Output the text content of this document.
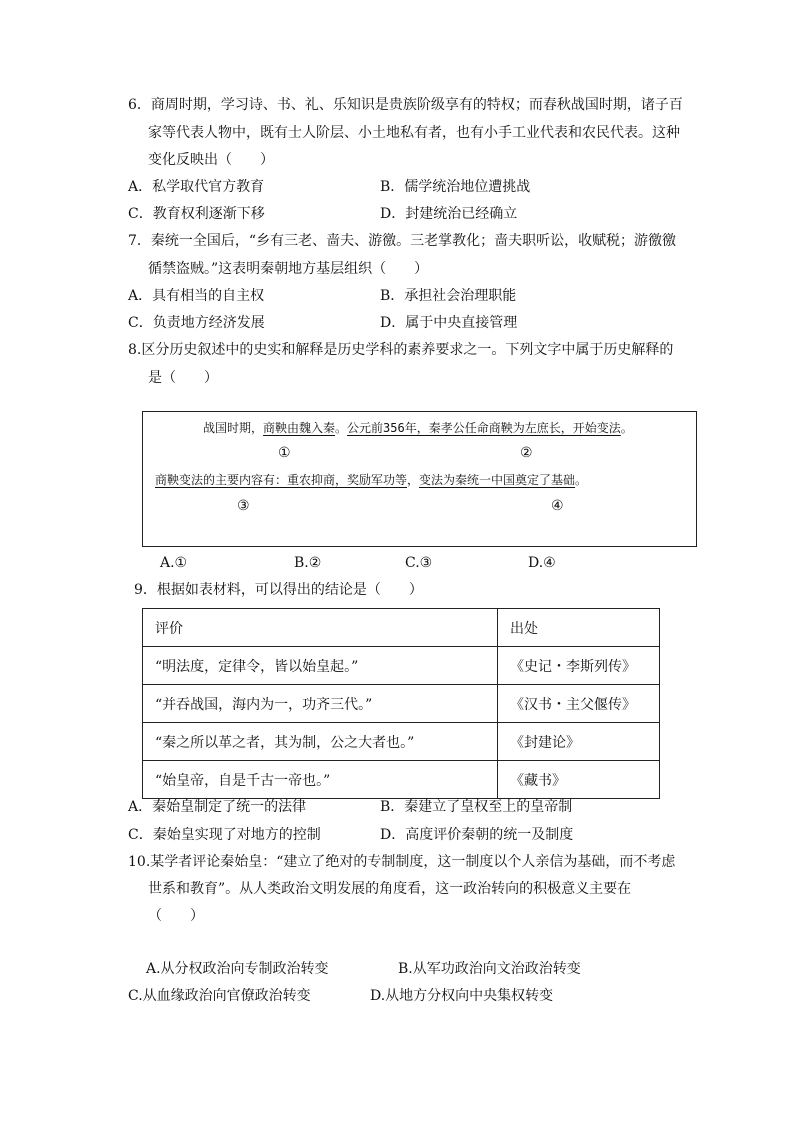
6．商周时期，学习诗、书、礼、乐知识是贵族阶级享有的特权；而春秋战国时期，诸子百
家等代表人物中，既有士人阶层、小土地私有者，也有小手工业代表和农民代表。这种
变化反映出（　　）
A．私学取代官方教育	B．儒学统治地位遭挑战
C．教育权利逐渐下移	D．封建统治已经确立
7．秦统一全国后，“乡有三老、啬夫、游徼。三老掌教化；啬夫职听讼，收赋税；游徼徼
循禁盗贼。”这表明秦朝地方基层组织（　　）
A．具有相当的自主权	B．承担社会治理职能
C．负责地方经济发展	D．属于中央直接管理
8.区分历史叙述中的史实和解释是历史学科的素养要求之一。下列文字中属于历史解释的
是（　　）
战国时期，商鞅由魏入秦。公元前356年，秦孝公任命商鞅为左庶长，开始变法。
①	②
商鞅变法的主要内容有：重农抑商，奖励军功等，变法为秦统一中国奠定了基础。
③	④
A.①	B.②	C.③	D.④
9．根据如表材料，可以得出的结论是（　　）
评价	出处
“明法度，定律令，皆以始皇起。”	《史记・李斯列传》
“并吞战国，海内为一，功齐三代。”	《汉书・主父偃传》
“秦之所以革之者，其为制，公之大者也。”	《封建论》
“始皇帝，自是千古一帝也。”	《藏书》
A．秦始皇制定了统一的法律	B．秦建立了皇权至上的皇帝制
C．秦始皇实现了对地方的控制	D．高度评价秦朝的统一及制度
10.某学者评论秦始皇：“建立了绝对的专制制度，这一制度以个人亲信为基础，而不考虑
世系和教育”。从人类政治文明发展的角度看，这一政治转向的积极意义主要在
（　　）
A.从分权政治向专制政治转变	B.从军功政治向文治政治转变
C.从血缘政治向官僚政治转变	D.从地方分权向中央集权转变
